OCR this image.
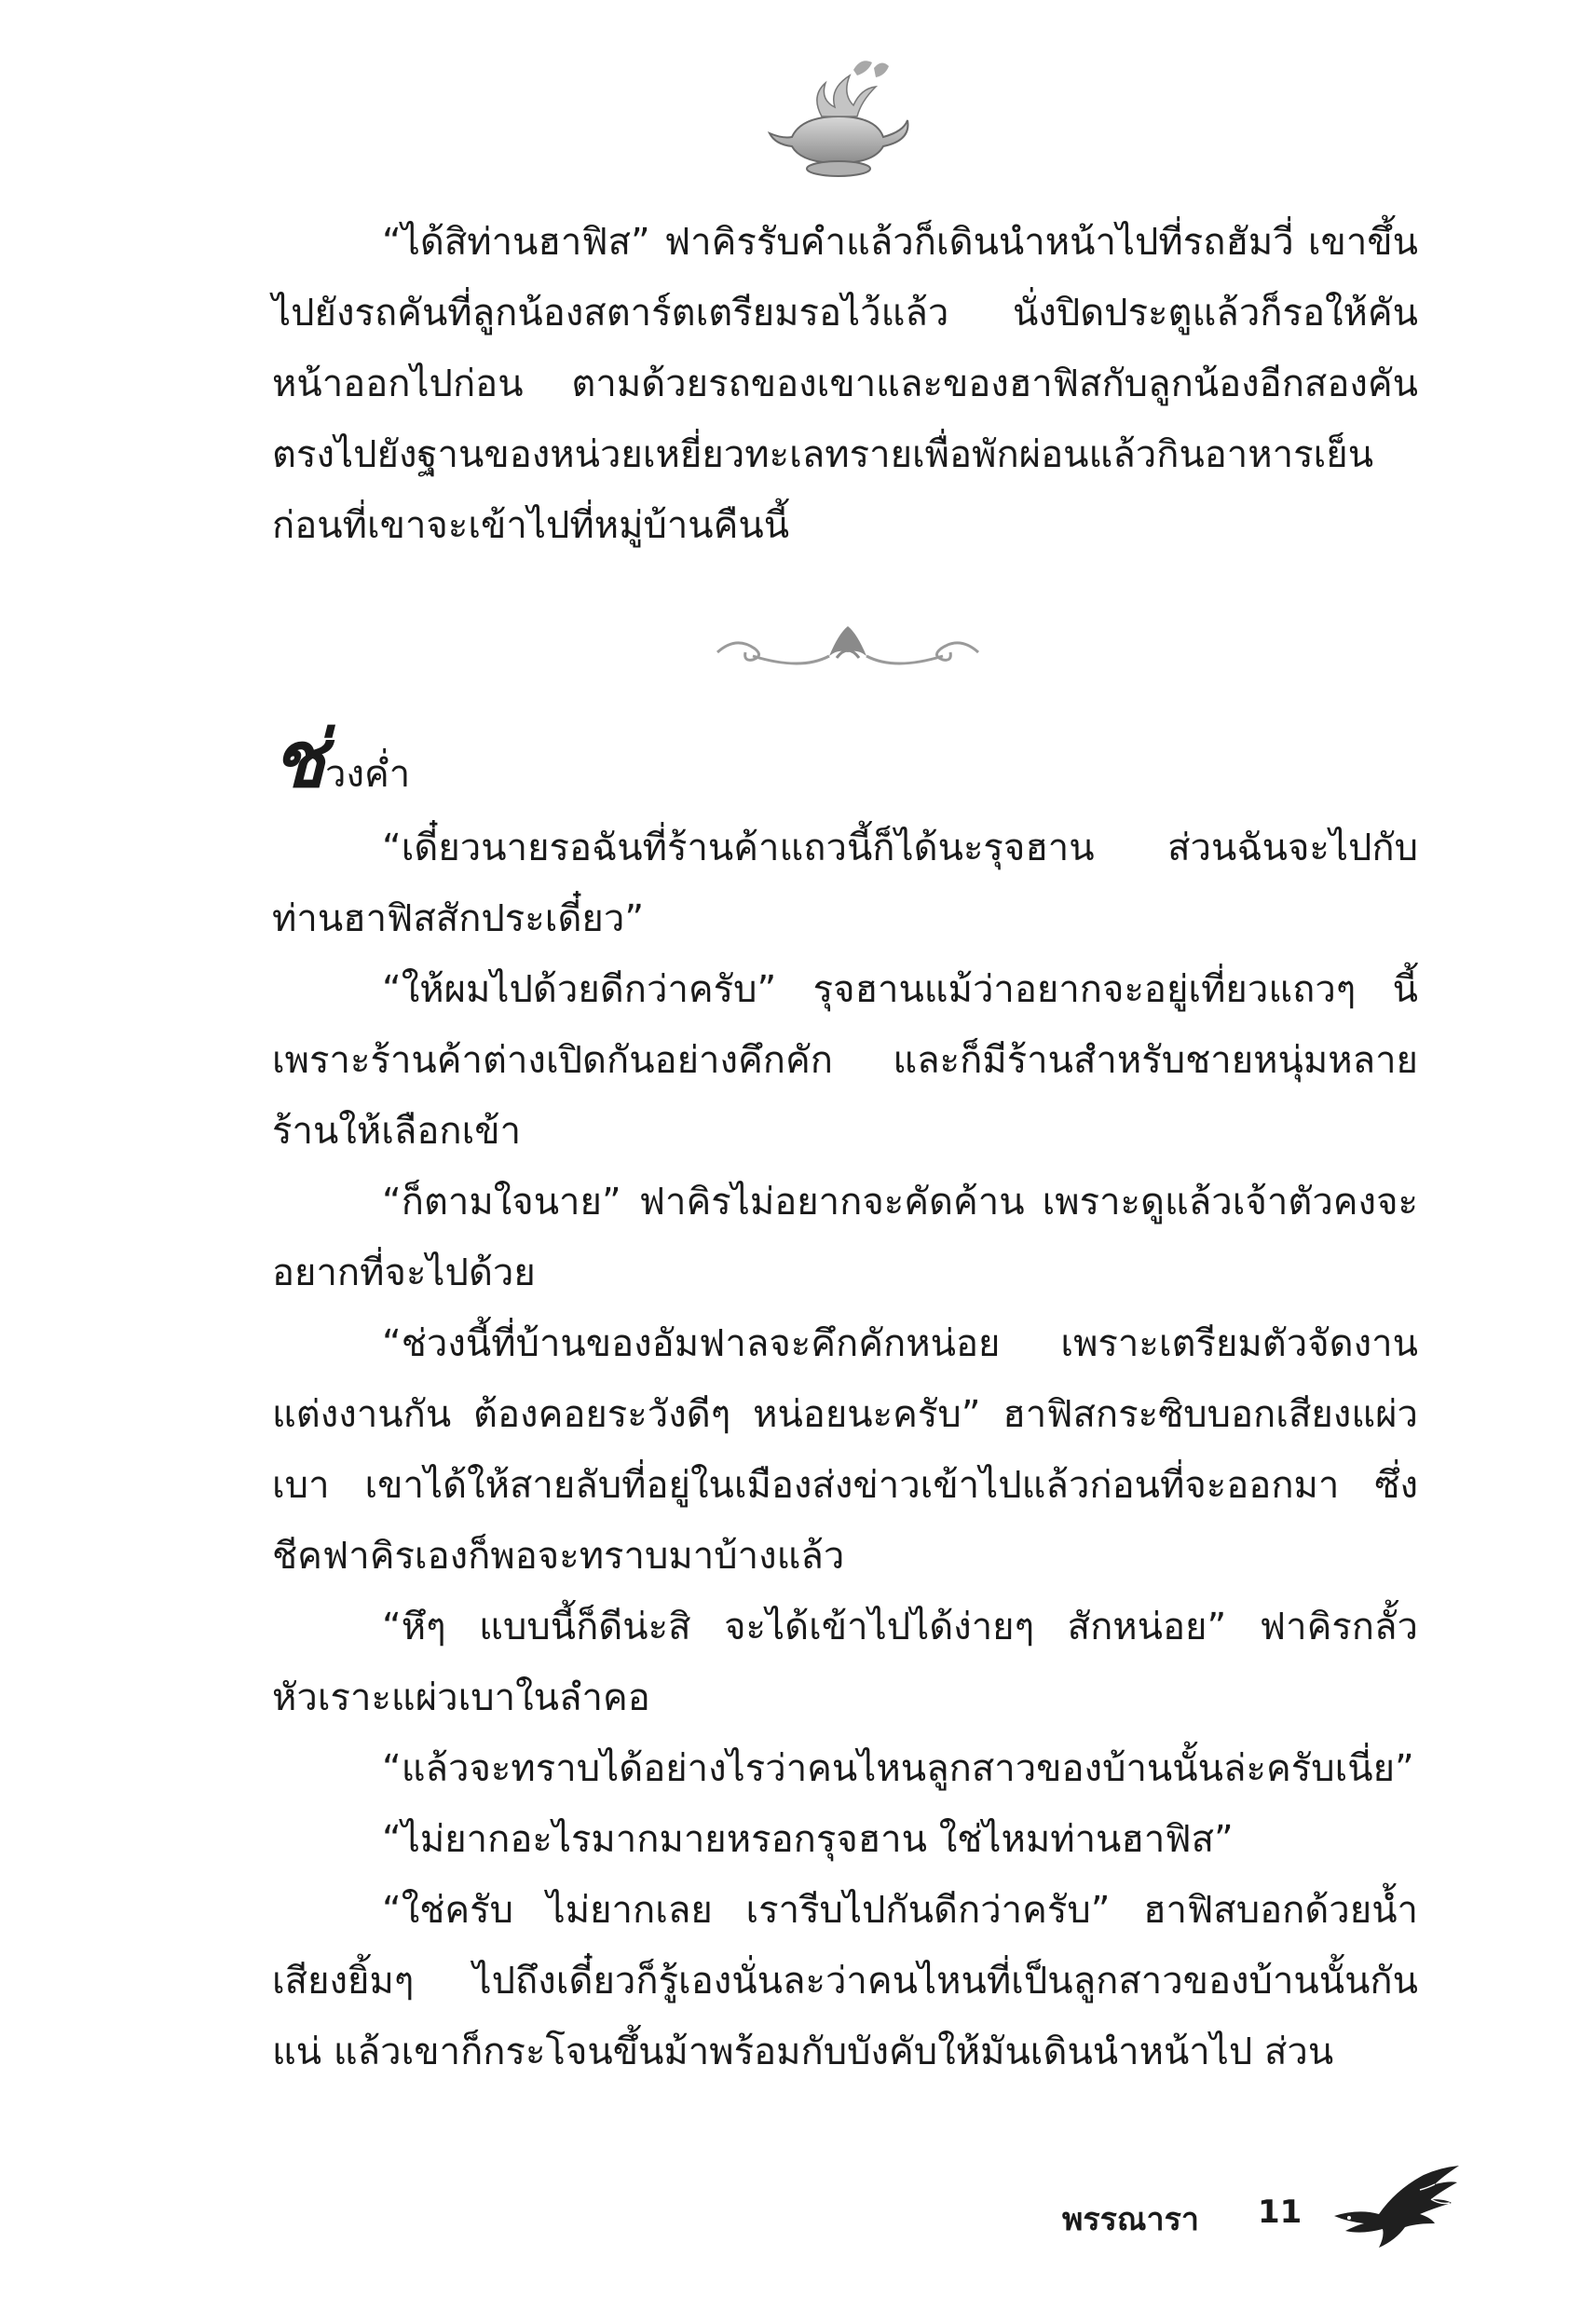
“ได้สิท่านฮาฟิส” ฟาคิรรับคำแล้วก็เดินนำหน้าไปที่รถฮัมวี่ เขาขึ้นไปยังรถคันที่ลูกน้องสตาร์ตเตรียมรอไว้แล้ว นั่งปิดประตูแล้วก็รอให้คันหน้าออกไปก่อน ตามด้วยรถของเขาและของฮาฟิสกับลูกน้องอีกสองคัน ตรงไปยังฐานของหน่วยเหยี่ยวทะเลทรายเพื่อพักผ่อนแล้วกินอาหารเย็นก่อนที่เขาจะเข้าไปที่หมู่บ้านคืนนี้

ช่วงค่ำ

“เดี๋ยวนายรอฉันที่ร้านค้าแถวนี้ก็ได้นะรุจฮาน ส่วนฉันจะไปกับท่านฮาฟิสสักประเดี๋ยว”

“ให้ผมไปด้วยดีกว่าครับ” รุจฮานแม้ว่าอยากจะอยู่เที่ยวแถวๆ นี้ เพราะร้านค้าต่างเปิดกันอย่างคึกคัก และก็มีร้านสำหรับชายหนุ่มหลายร้านให้เลือกเข้า

“ก็ตามใจนาย” ฟาคิรไม่อยากจะคัดค้าน เพราะดูแล้วเจ้าตัวคงจะอยากที่จะไปด้วย

“ช่วงนี้ที่บ้านของอัมฟาลจะคึกคักหน่อย เพราะเตรียมตัวจัดงานแต่งงานกัน ต้องคอยระวังดีๆ หน่อยนะครับ” ฮาฟิสกระซิบบอกเสียงแผ่วเบา เขาได้ให้สายลับที่อยู่ในเมืองส่งข่าวเข้าไปแล้วก่อนที่จะออกมา ซึ่งชีคฟาคิรเองก็พอจะทราบมาบ้างแล้ว

“หึๆ แบบนี้ก็ดีน่ะสิ จะได้เข้าไปได้ง่ายๆ สักหน่อย” ฟาคิรกลั้วหัวเราะแผ่วเบาในลำคอ

“แล้วจะทราบได้อย่างไรว่าคนไหนลูกสาวของบ้านนั้นล่ะครับเนี่ย”

“ไม่ยากอะไรมากมายหรอกรุจฮาน ใช่ไหมท่านฮาฟิส”

“ใช่ครับ ไม่ยากเลย เรารีบไปกันดีกว่าครับ” ฮาฟิสบอกด้วยน้ำเสียงยิ้มๆ ไปถึงเดี๋ยวก็รู้เองนั่นละว่าคนไหนที่เป็นลูกสาวของบ้านนั้นกันแน่ แล้วเขาก็กระโจนขึ้นม้าพร้อมกับบังคับให้มันเดินนำหน้าไป ส่วน

พรรณารา 11
